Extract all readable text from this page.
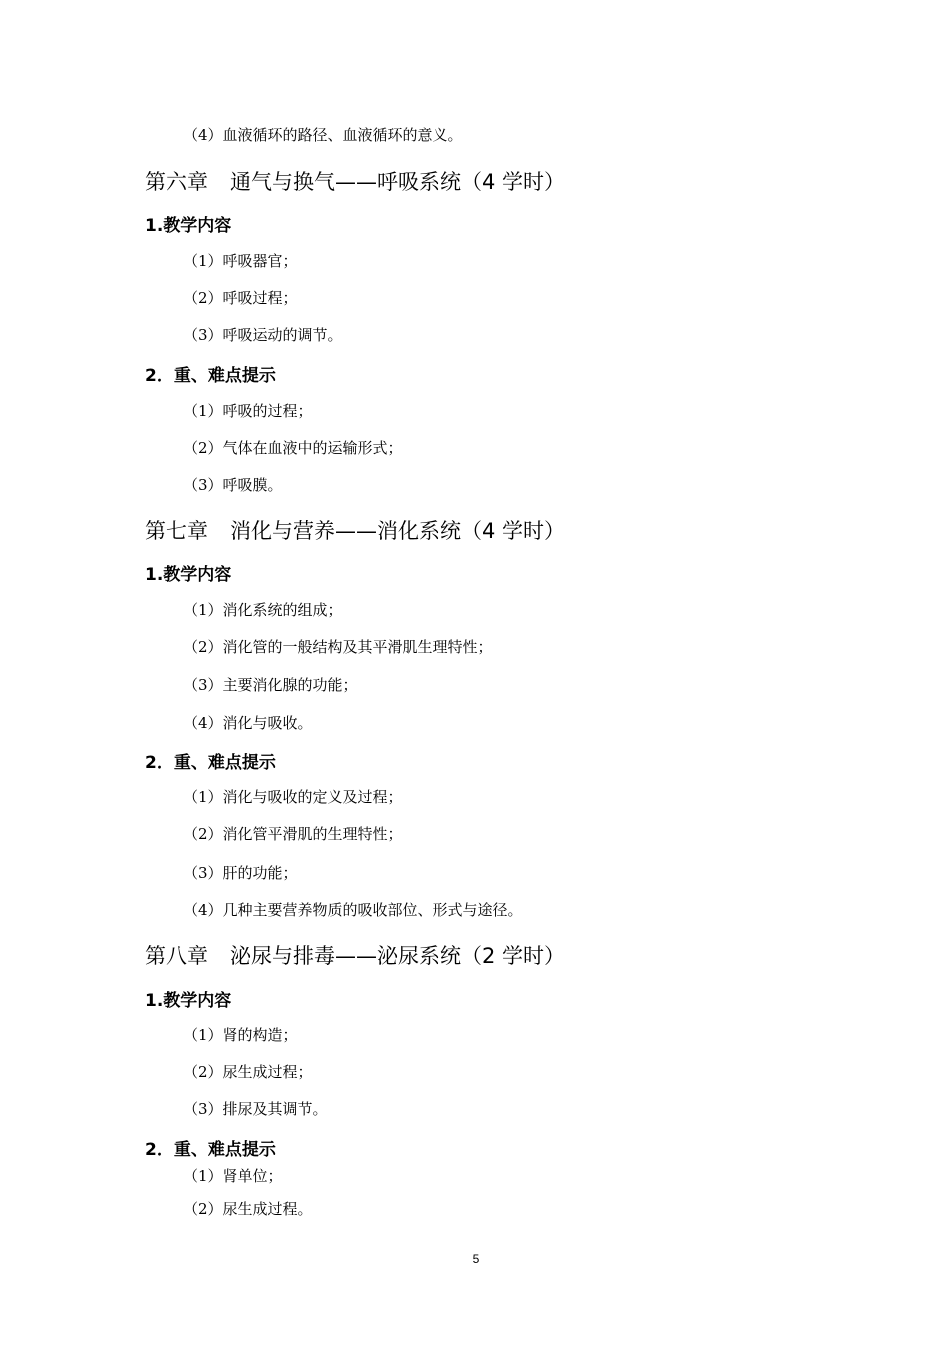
（4）血液循环的路径、血液循环的意义。
第六章 通气与换气——呼吸系统（4 学时）
1.教学内容
（1）呼吸器官；
（2）呼吸过程；
（3）呼吸运动的调节。
2．重、难点提示
（1）呼吸的过程；
（2）气体在血液中的运输形式；
（3）呼吸膜。
第七章 消化与营养——消化系统（4 学时）
1.教学内容
（1）消化系统的组成；
（2）消化管的一般结构及其平滑肌生理特性；
（3）主要消化腺的功能；
（4）消化与吸收。
2．重、难点提示
（1）消化与吸收的定义及过程；
（2）消化管平滑肌的生理特性；
（3）肝的功能；
（4）几种主要营养物质的吸收部位、形式与途径。
第八章 泌尿与排毒——泌尿系统（2 学时）
1.教学内容
（1）肾的构造；
（2）尿生成过程；
（3）排尿及其调节。
2．重、难点提示
（1）肾单位；
（2）尿生成过程。
5
